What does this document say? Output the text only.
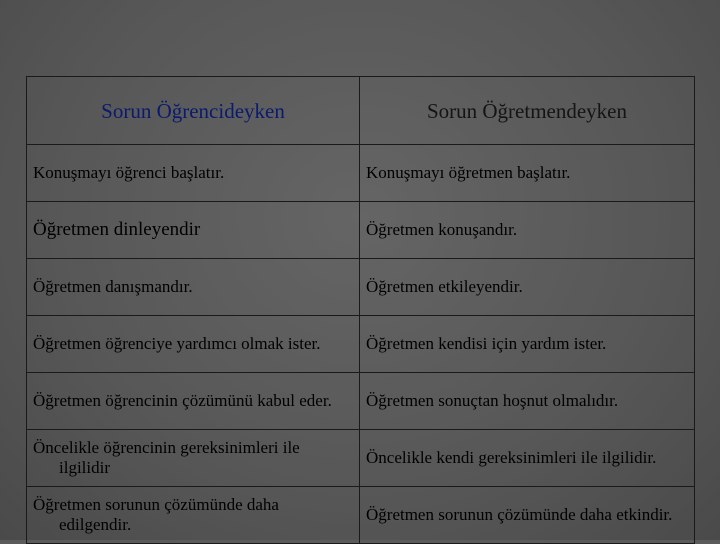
Sorun Öğrencideyken	Sorun Öğretmendeyken

Konuşmayı öğrenci başlatır.	Konuşmayı öğretmen başlatır.

Öğretmen dinleyendir	Öğretmen konuşandır.

Öğretmen danışmandır.	Öğretmen etkileyendir.

Öğretmen öğrenciye yardımcı olmak ister.	Öğretmen kendisi için yardım ister.

Öğretmen öğrencinin çözümünü kabul eder.	Öğretmen sonuçtan hoşnut olmalıdır.

Öncelikle öğrencinin gereksinimleri ile ilgilidir	Öncelikle kendi gereksinimleri ile ilgilidir.

Öğretmen sorunun çözümünde daha edilgendir.	Öğretmen sorunun çözümünde daha etkindir.
